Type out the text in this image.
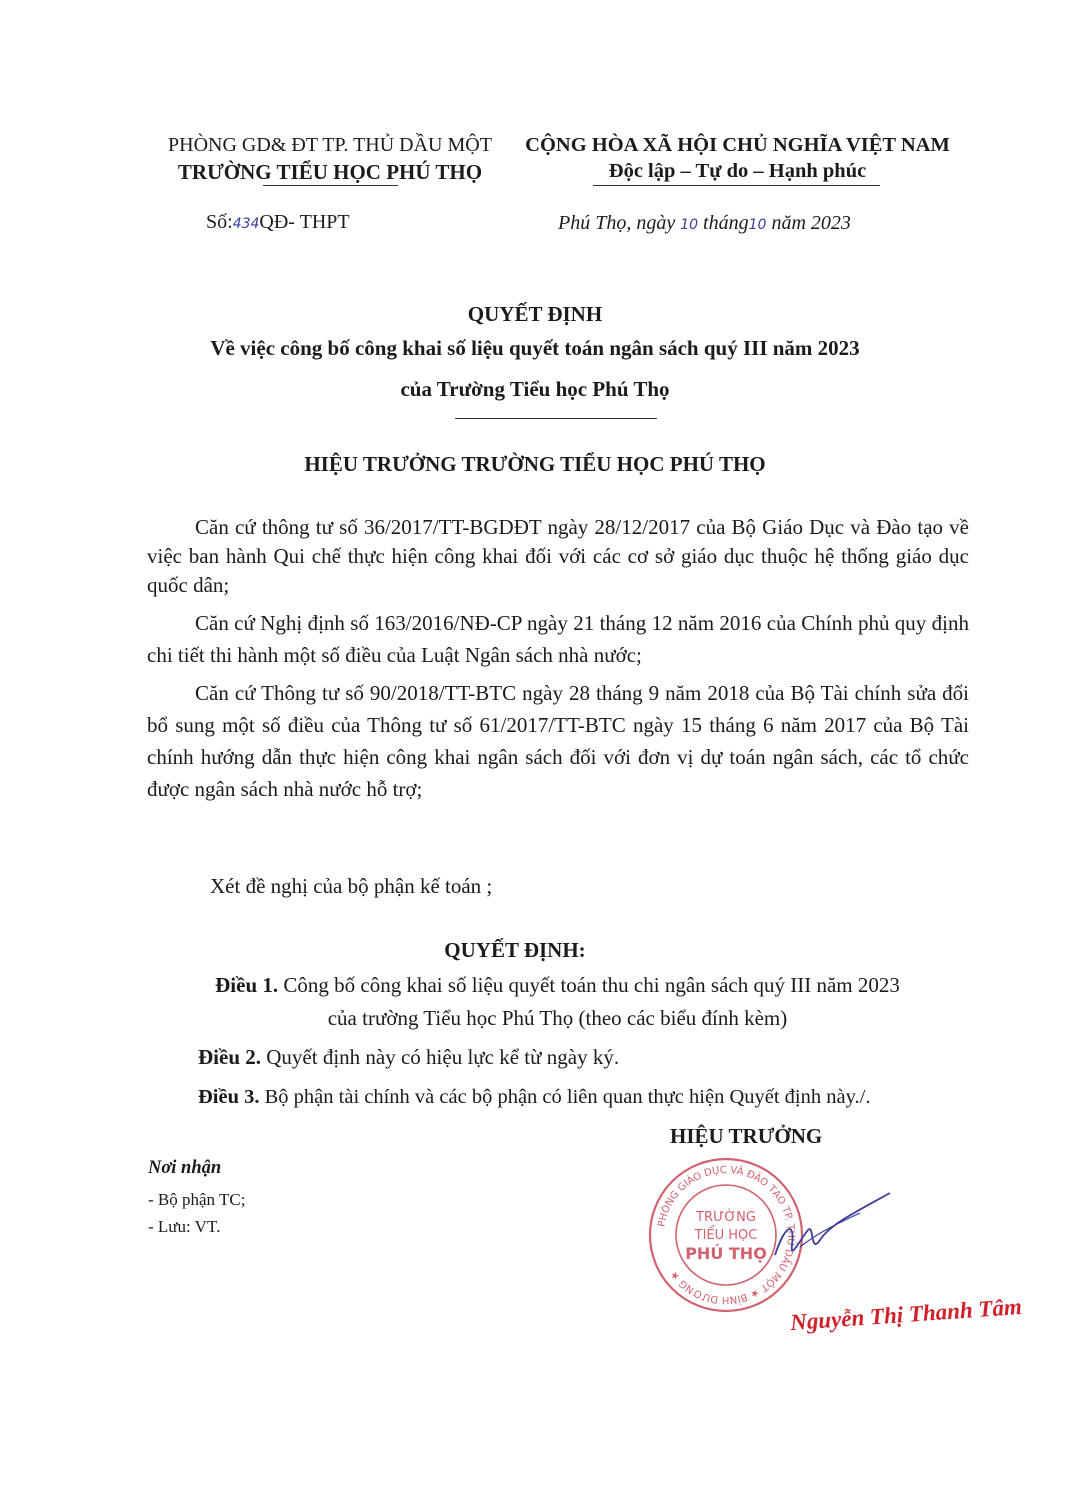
PHÒNG GD& ĐT TP. THỦ DẦU MỘT
TRƯỜNG TIỂU HỌC PHÚ THỌ
CỘNG HÒA XÃ HỘI CHỦ NGHĨA VIỆT NAM
Độc lập – Tự do – Hạnh phúc
Số:434QĐ- THPT	Phú Thọ, ngày 10 tháng10 năm 2023
QUYẾT ĐỊNH
Về việc công bố công khai số liệu quyết toán ngân sách quý III năm 2023
của Trường Tiểu học Phú Thọ
HIỆU TRƯỞNG TRƯỜNG TIỂU HỌC PHÚ THỌ

Căn cứ thông tư số 36/2017/TT-BGDĐT ngày 28/12/2017 của Bộ Giáo Dục và Đào tạo về việc ban hành Qui chế thực hiện công khai đối với các cơ sở giáo dục thuộc hệ thống giáo dục quốc dân;

Căn cứ Nghị định số 163/2016/NĐ-CP ngày 21 tháng 12 năm 2016 của Chính phủ quy định chi tiết thi hành một số điều của Luật Ngân sách nhà nước;

Căn cứ Thông tư số 90/2018/TT-BTC ngày 28 tháng 9 năm 2018 của Bộ Tài chính sửa đổi bổ sung một số điều của Thông tư số 61/2017/TT-BTC ngày 15 tháng 6 năm 2017 của Bộ Tài chính hướng dẫn thực hiện công khai ngân sách đối với đơn vị dự toán ngân sách, các tổ chức được ngân sách nhà nước hỗ trợ;

Xét đề nghị của bộ phận kế toán ;
QUYẾT ĐỊNH:
Điều 1. Công bố công khai số liệu quyết toán thu chi ngân sách quý III năm 2023
của trường Tiểu học Phú Thọ (theo các biểu đính kèm)
Điều 2. Quyết định này có hiệu lực kể từ ngày ký.
Điều 3. Bộ phận tài chính và các bộ phận có liên quan thực hiện Quyết định này./.
HIỆU TRƯỞNG
PHÒNG GIÁO DỤC VÀ ĐÀO TẠO TP. THỦ DẦU MỘT ★ BÌNH DƯƠNG ★
TRƯỜNG
TIỂU HỌC
PHÚ THỌ
Nguyễn Thị Thanh Tâm
Nơi nhận
- Bộ phận TC;
- Lưu: VT.
